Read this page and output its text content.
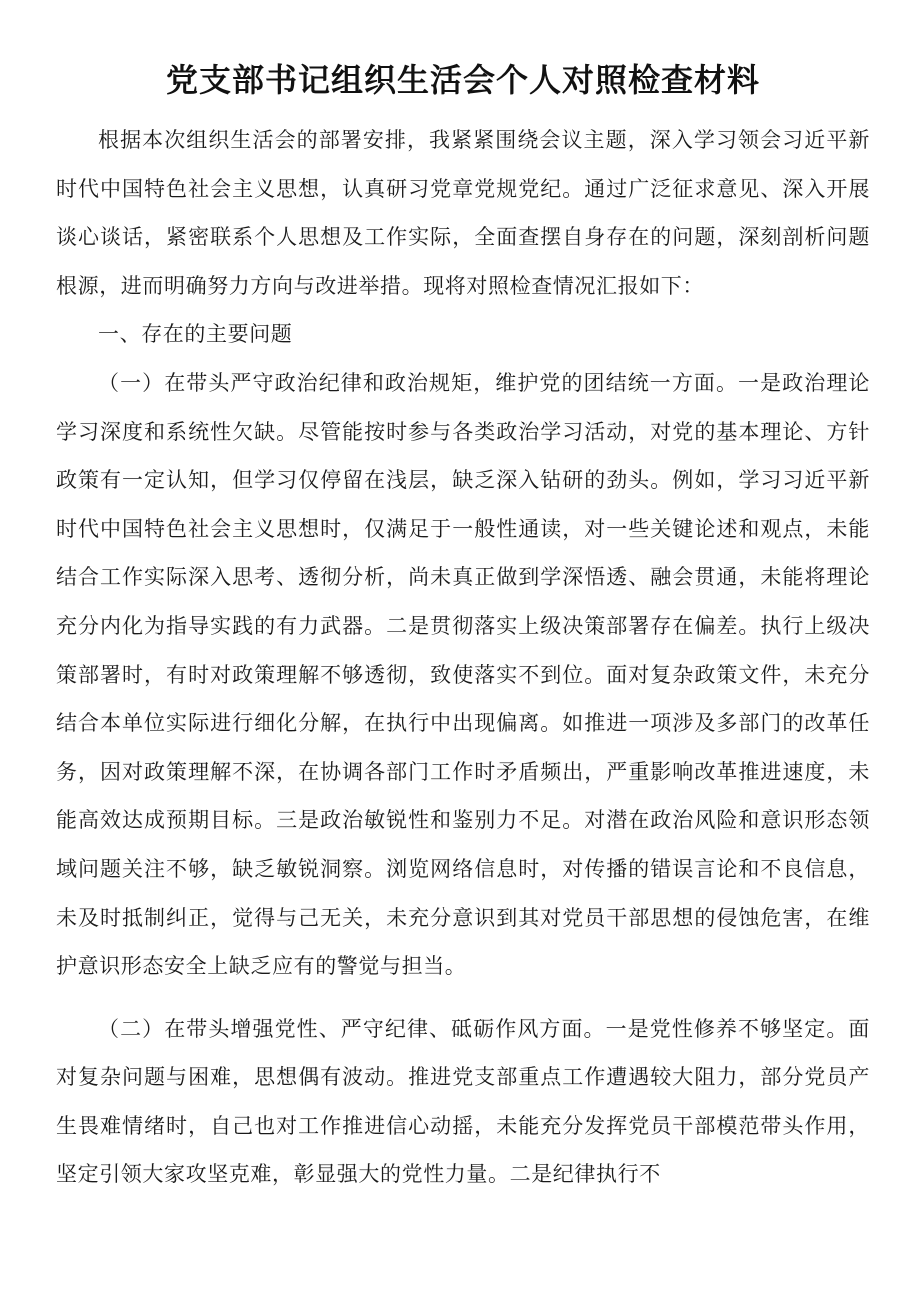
党支部书记组织生活会个人对照检查材料

根据本次组织生活会的部署安排，我紧紧围绕会议主题，深入学习领会习近平新时代中国特色社会主义思想，认真研习党章党规党纪。通过广泛征求意见、深入开展谈心谈话，紧密联系个人思想及工作实际，全面查摆自身存在的问题，深刻剖析问题根源，进而明确努力方向与改进举措。现将对照检查情况汇报如下：

一、存在的主要问题

（一）在带头严守政治纪律和政治规矩，维护党的团结统一方面。一是政治理论学习深度和系统性欠缺。尽管能按时参与各类政治学习活动，对党的基本理论、方针政策有一定认知，但学习仅停留在浅层，缺乏深入钻研的劲头。例如，学习习近平新时代中国特色社会主义思想时，仅满足于一般性通读，对一些关键论述和观点，未能结合工作实际深入思考、透彻分析，尚未真正做到学深悟透、融会贯通，未能将理论充分内化为指导实践的有力武器。二是贯彻落实上级决策部署存在偏差。执行上级决策部署时，有时对政策理解不够透彻，致使落实不到位。面对复杂政策文件，未充分结合本单位实际进行细化分解，在执行中出现偏离。如推进一项涉及多部门的改革任务，因对政策理解不深，在协调各部门工作时矛盾频出，严重影响改革推进速度，未能高效达成预期目标。三是政治敏锐性和鉴别力不足。对潜在政治风险和意识形态领域问题关注不够，缺乏敏锐洞察。浏览网络信息时，对传播的错误言论和不良信息，未及时抵制纠正，觉得与己无关，未充分意识到其对党员干部思想的侵蚀危害，在维护意识形态安全上缺乏应有的警觉与担当。

（二）在带头增强党性、严守纪律、砥砺作风方面。一是党性修养不够坚定。面对复杂问题与困难，思想偶有波动。推进党支部重点工作遭遇较大阻力，部分党员产生畏难情绪时，自己也对工作推进信心动摇，未能充分发挥党员干部模范带头作用，坚定引领大家攻坚克难，彰显强大的党性力量。二是纪律执行不
